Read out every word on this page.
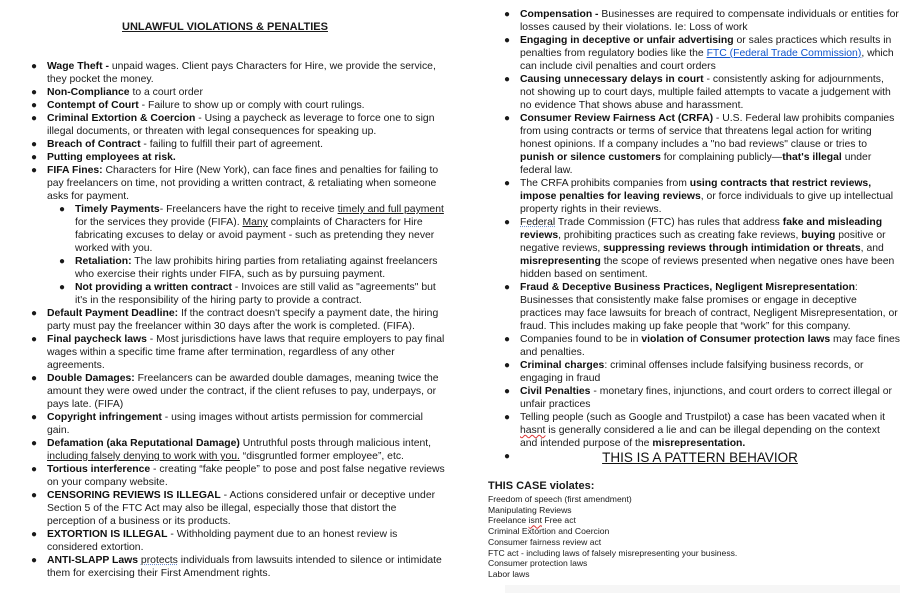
UNLAWFUL VIOLATIONS & PENALTIES
● Wage Theft - unpaid wages. Client pays Characters for Hire, we provide the service, they pocket the money.
● Non-Compliance to a court order
● Contempt of Court - Failure to show up or comply with court rulings.
● Criminal Extortion & Coercion - Using a paycheck as leverage to force one to sign illegal documents, or threaten with legal consequences for speaking up.
● Breach of Contract - failing to fulfill their part of agreement.
● Putting employees at risk.
● FIFA Fines: Characters for Hire (New York), can face fines and penalties for failing to pay freelancers on time, not providing a written contract, & retaliating when someone asks for payment.
● Timely Payments- Freelancers have the right to receive timely and full payment for the services they provide (FIFA). Many complaints of Characters for Hire fabricating excuses to delay or avoid payment - such as pretending they never worked with you.
● Retaliation: The law prohibits hiring parties from retaliating against freelancers who exercise their rights under FIFA, such as by pursuing payment.
● Not providing a written contract - Invoices are still valid as "agreements" but it's in the responsibility of the hiring party to provide a contract.
● Default Payment Deadline: If the contract doesn't specify a payment date, the hiring party must pay the freelancer within 30 days after the work is completed. (FIFA).
● Final paycheck laws - Most jurisdictions have laws that require employers to pay final wages within a specific time frame after termination, regardless of any other agreements.
● Double Damages: Freelancers can be awarded double damages, meaning twice the amount they were owed under the contract, if the client refuses to pay, underpays, or pays late. (FIFA)
● Copyright infringement - using images without artists permission for commercial gain.
● Defamation (aka Reputational Damage) Untruthful posts through malicious intent, including falsely denying to work with you. “disgruntled former employee”, etc.
● Tortious interference - creating “fake people” to pose and post false negative reviews on your company website.
● CENSORING REVIEWS IS ILLEGAL - Actions considered unfair or deceptive under Section 5 of the FTC Act may also be illegal, especially those that distort the perception of a business or its products.
● EXTORTION IS ILLEGAL - Withholding payment due to an honest review is considered extortion.
● ANTI-SLAPP Laws protects individuals from lawsuits intended to silence or intimidate them for exercising their First Amendment rights.
● Compensation - Businesses are required to compensate individuals or entities for losses caused by their violations. Ie: Loss of work
● Engaging in deceptive or unfair advertising or sales practices which results in penalties from regulatory bodies like the FTC (Federal Trade Commission), which can include civil penalties and court orders
● Causing unnecessary delays in court - consistently asking for adjournments, not showing up to court days, multiple failed attempts to vacate a judgement with no evidence That shows abuse and harassment.
● Consumer Review Fairness Act (CRFA) - U.S. Federal law prohibits companies from using contracts or terms of service that threatens legal action for writing honest opinions. If a company includes a "no bad reviews" clause or tries to punish or silence customers for complaining publicly—that's illegal under federal law.
● The CRFA prohibits companies from using contracts that restrict reviews, impose penalties for leaving reviews, or force individuals to give up intellectual property rights in their reviews.
● Federal Trade Commission (FTC) has rules that address fake and misleading reviews, prohibiting practices such as creating fake reviews, buying positive or negative reviews, suppressing reviews through intimidation or threats, and misrepresenting the scope of reviews presented when negative ones have been hidden based on sentiment.
● Fraud & Deceptive Business Practices, Negligent Misrepresentation: Businesses that consistently make false promises or engage in deceptive practices may face lawsuits for breach of contract, Negligent Misrepresentation, or fraud. This includes making up fake people that “work” for this company.
● Companies found to be in violation of Consumer protection laws may face fines and penalties.
● Criminal charges: criminal offenses include falsifying business records, or engaging in fraud
● Civil Penalties - monetary fines, injunctions, and court orders to correct illegal or unfair practices
● Telling people (such as Google and Trustpilot) a case has been vacated when it hasnt is generally considered a lie and can be illegal depending on the context and intended purpose of the misrepresentation.
●	THIS IS A PATTERN BEHAVIOR
THIS CASE violates:
Freedom of speech (first amendment)
Manipulating Reviews
Freelance isnt Free act
Criminal Extortion and Coercion
Consumer fairness review act
FTC act - including laws of falsely misrepresenting your business.
Consumer protection laws
Labor laws
